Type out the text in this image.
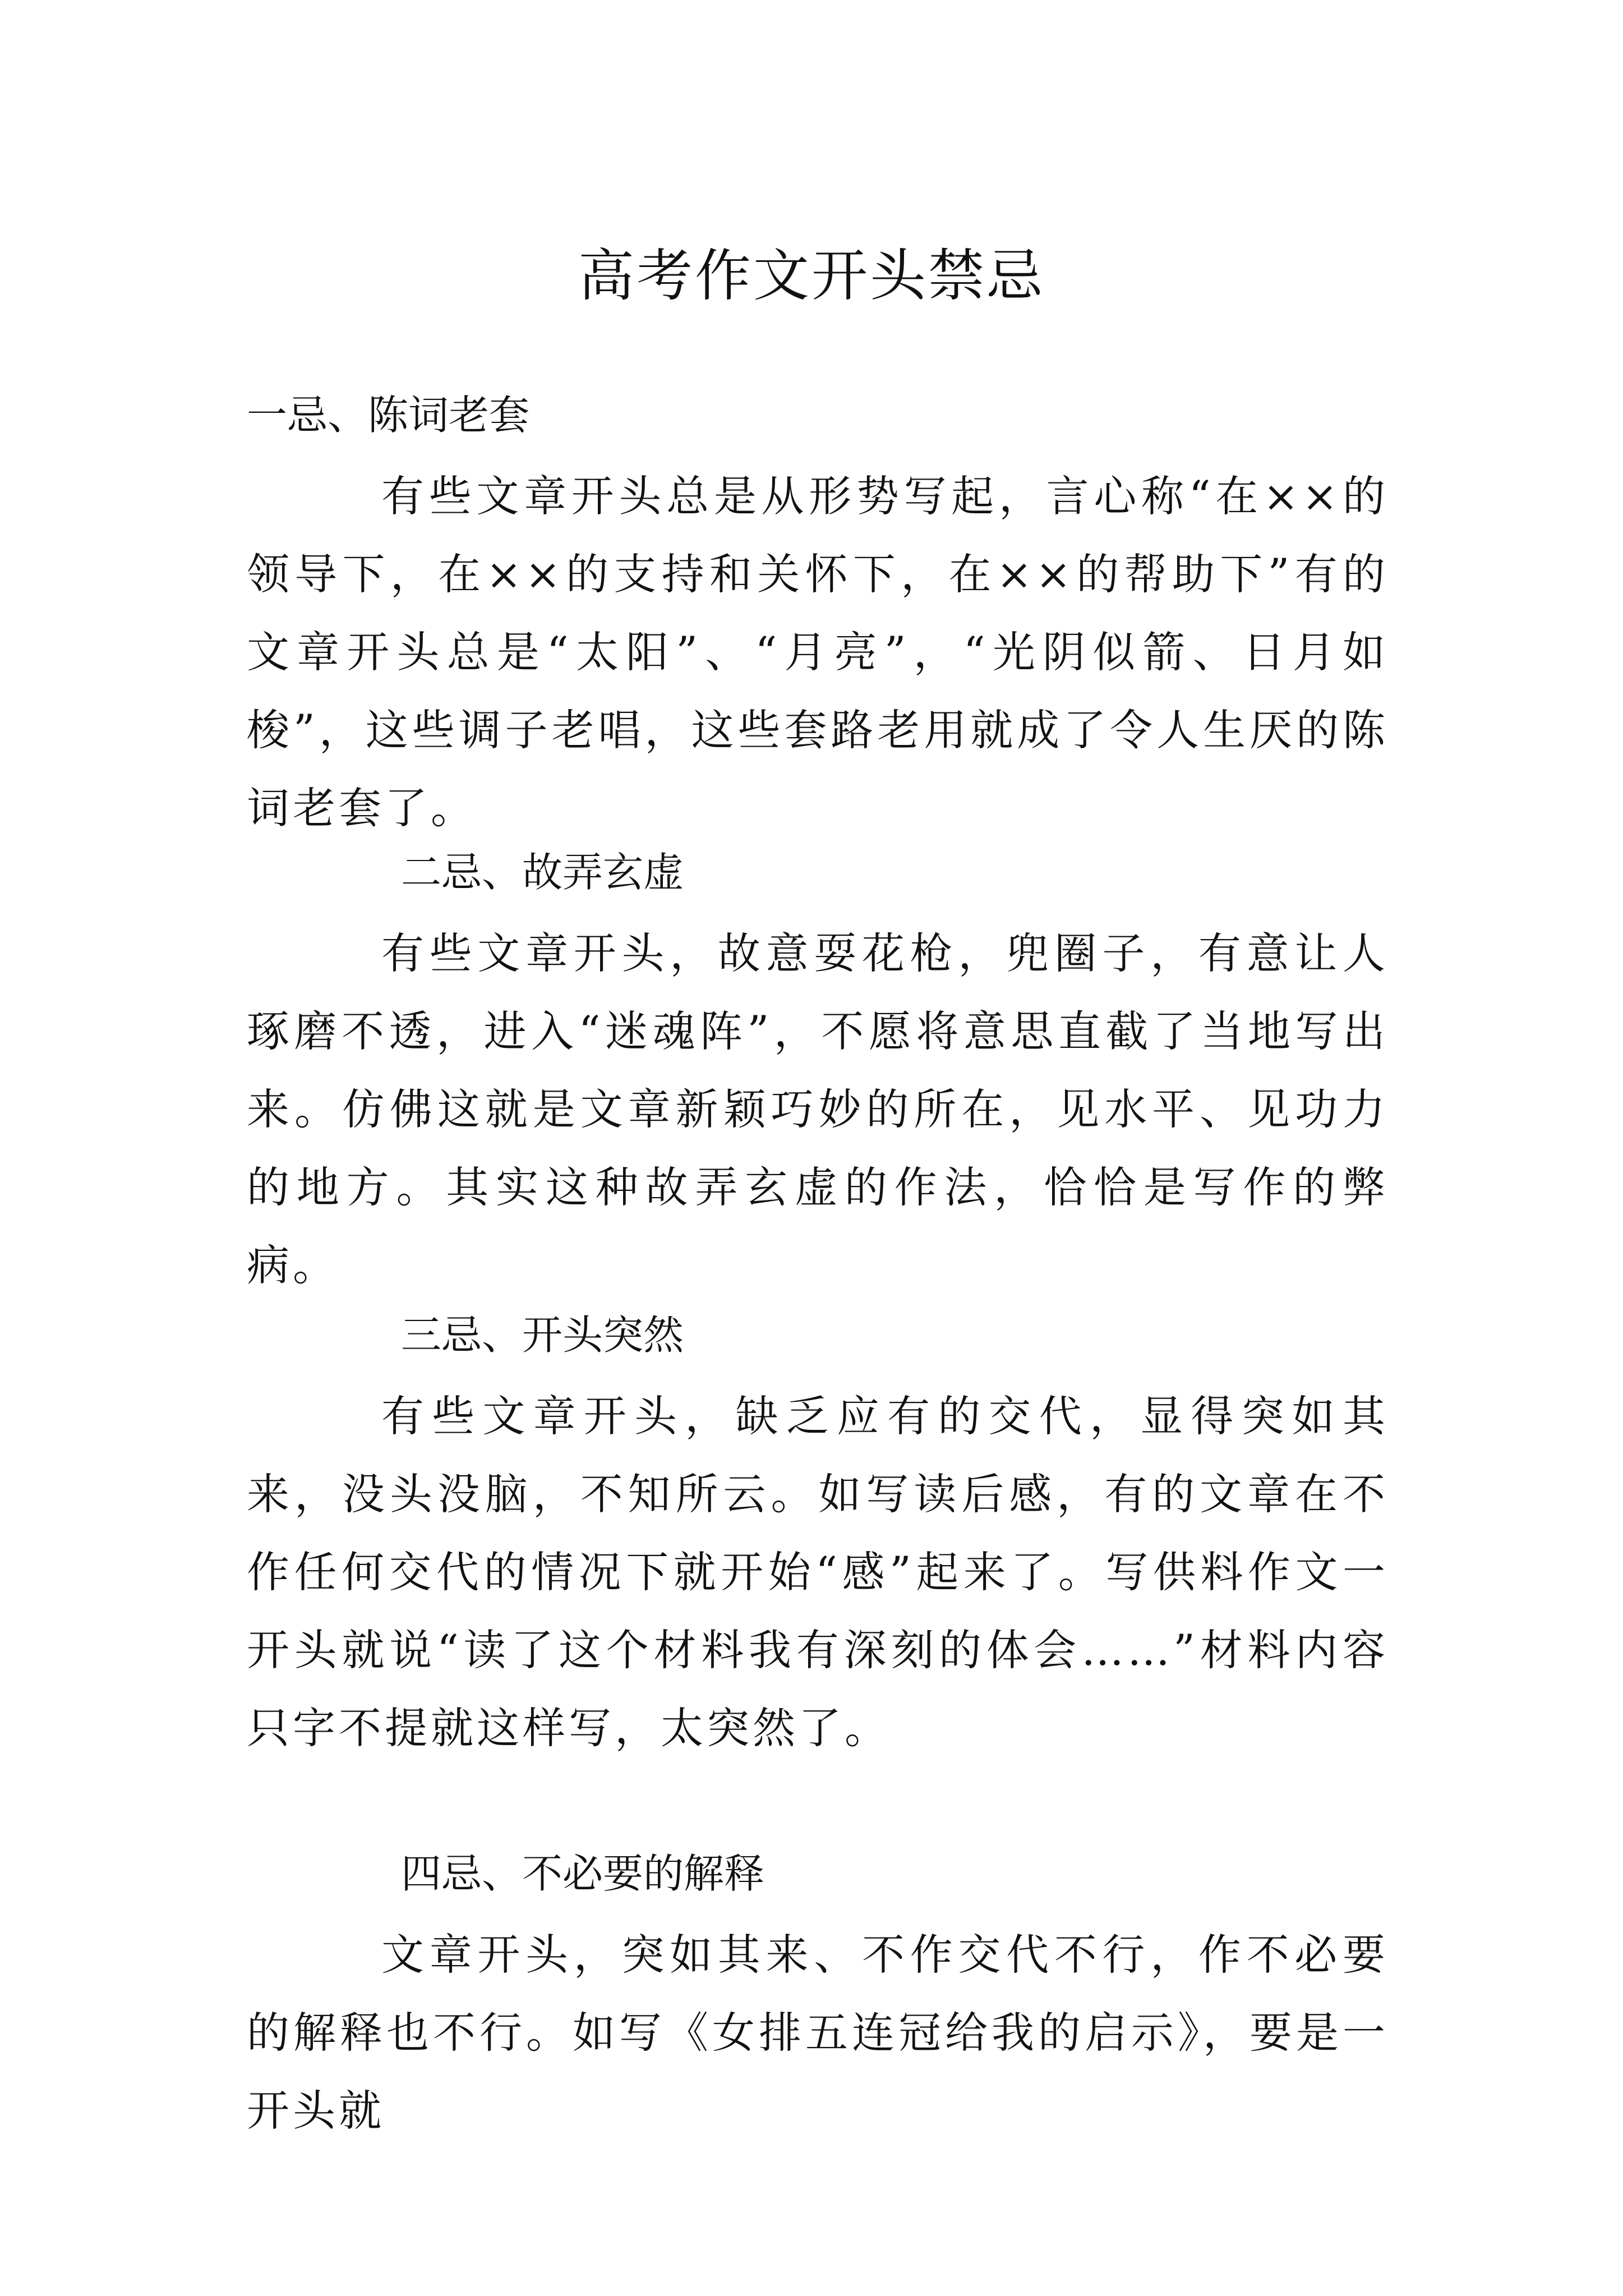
高考作文开头禁忌
一忌、陈词老套

有些文章开头总是从形势写起，言心称“在××的领导下，在××的支持和关怀下，在××的帮助下”有的文章开头总是“太阳”、“月亮”，“光阴似箭、日月如梭”，这些调子老唱，这些套路老用就成了令人生厌的陈词老套了。

二忌、故弄玄虚

有些文章开头，故意耍花枪，兜圈子，有意让人琢磨不透，进入“迷魂阵”，不愿将意思直截了当地写出来。仿佛这就是文章新颖巧妙的所在，见水平、见功力的地方。其实这种故弄玄虚的作法，恰恰是写作的弊病。

三忌、开头突然

有些文章开头，缺乏应有的交代，显得突如其来，没头没脑，不知所云。如写读后感，有的文章在不作任何交代的情况下就开始“感”起来了。写供料作文一开头就说“读了这个材料我有深刻的体会……”材料内容只字不提就这样写，太突然了。

四忌、不必要的解释

文章开头，突如其来、不作交代不行，作不必要的解释也不行。如写《女排五连冠给我的启示》，要是一开头就
